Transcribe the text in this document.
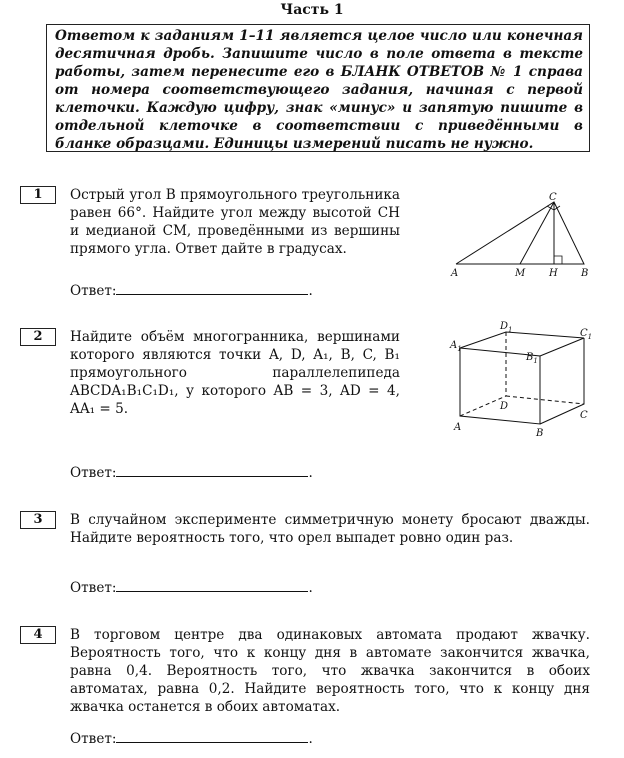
Часть 1
Ответом к заданиям 1–11 является целое число или конечная десятичная дробь. Запишите число в поле ответа в тексте работы, затем перенесите его в БЛАНК ОТВЕТОВ № 1 справа от номера соответствующего задания, начиная с первой клеточки. Каждую цифру, знак «минус» и запятую пишите в отдельной клеточке в соответствии с приведёнными в бланке образцами. Единицы измерений писать не нужно.
1	Острый угол B прямоугольного треугольника равен 66°. Найдите угол между высотой CH и медианой CM, проведёнными из вершины прямого угла. Ответ дайте в градусах.
C
A	M H B
Ответ:	.
2	Найдите объём многогранника, вершинами которого являются точки A, D, A₁, B, C, B₁ прямоугольного параллелепипеда ABCDA₁B₁C₁D₁, у которого AB = 3, AD = 4, AA₁ = 5.
$D_1$	$C_1$
$A_1$
$B_1$
D
C
A
B
Ответ:	.
3	В случайном эксперименте симметричную монету бросают дважды. Найдите вероятность того, что орел выпадет ровно один раз.
Ответ:	.
4	В торговом центре два одинаковых автомата продают жвачку. Вероятность того, что к концу дня в автомате закончится жвачка, равна 0,4. Вероятность того, что жвачка закончится в обоих автоматах, равна 0,2. Найдите вероятность того, что к концу дня жвачка останется в обоих автоматах.
Ответ:	.
